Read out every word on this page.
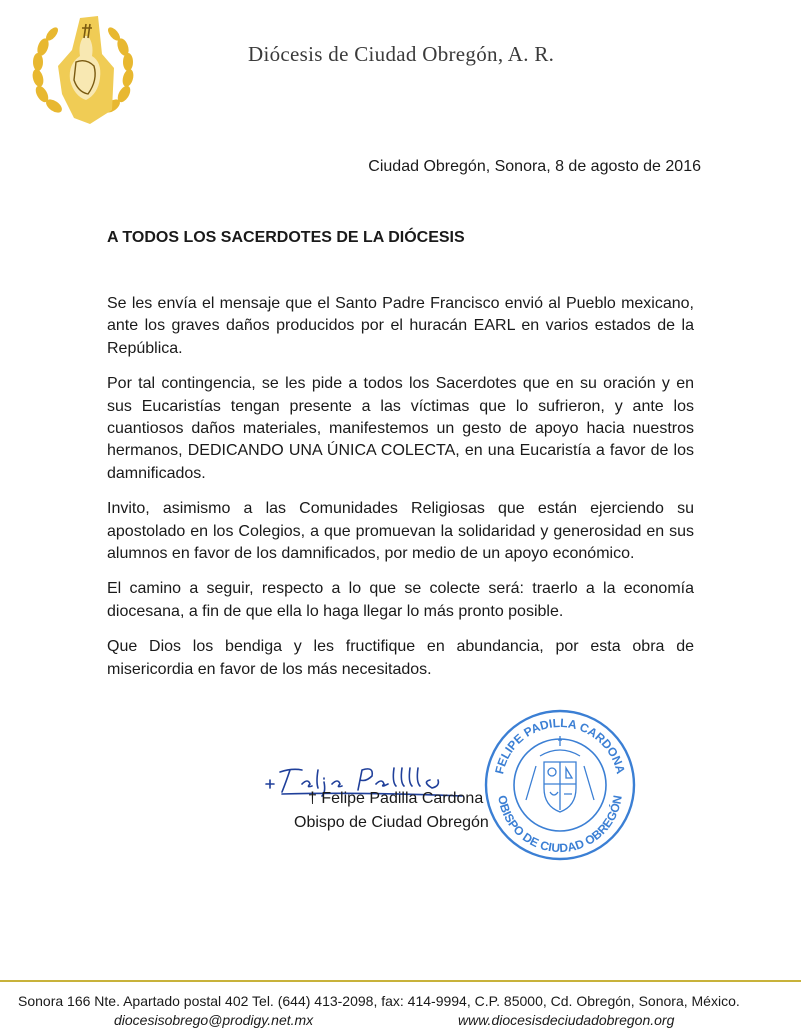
Diócesis de Ciudad Obregón, A. R.
Ciudad Obregón, Sonora, 8 de agosto de 2016
A TODOS LOS SACERDOTES DE LA DIÓCESIS

Se les envía el mensaje que el Santo Padre Francisco envió al Pueblo mexicano, ante los graves daños producidos por el huracán EARL en varios estados de la República.

Por tal contingencia, se les pide a todos los Sacerdotes que en su oración y en sus Eucaristías tengan presente a las víctimas que lo sufrieron, y ante los cuantiosos daños materiales, manifestemos un gesto de apoyo hacia nuestros hermanos, DEDICANDO UNA ÚNICA COLECTA, en una Eucaristía a favor de los damnificados.

Invito, asimismo a las Comunidades Religiosas que están ejerciendo su apostolado en los Colegios, a que promuevan la solidaridad y generosidad en sus alumnos en favor de los damnificados, por medio de un apoyo económico.

El camino a seguir, respecto a lo que se colecte será: traerlo a la economía diocesana, a fin de que ella lo haga llegar lo más pronto posible.

Que Dios los bendiga y les fructifique en abundancia, por esta obra de misericordia en favor de los más necesitados.

† Felipe Padilla Cardona
Obispo de Ciudad Obregón
FELIPE PADILLA CARDONA
OBISPO DE CIUDAD OBREGÓN
Sonora 166 Nte. Apartado postal 402 Tel. (644) 413-2098, fax: 414-9994, C.P. 85000, Cd. Obregón, Sonora, México.
diocesisobrego@prodigy.net.mx	www.diocesisdeciudadobregon.org
